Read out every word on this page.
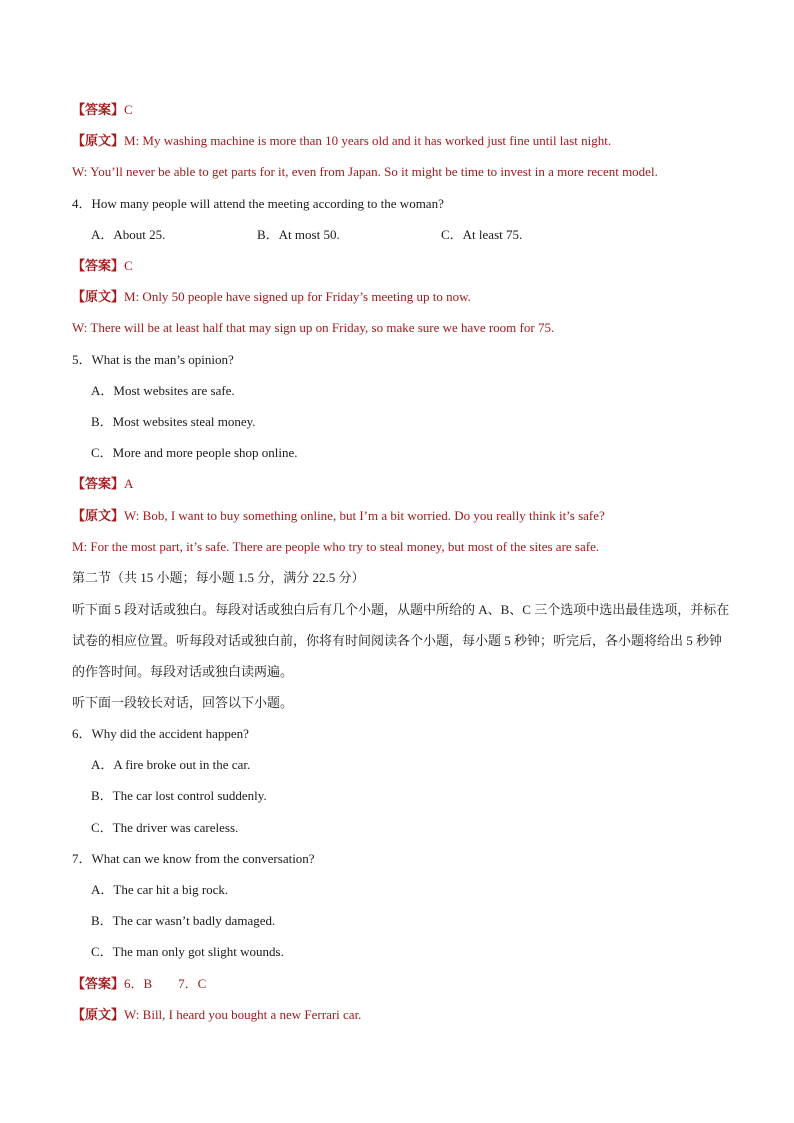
【答案】C
【原文】M: My washing machine is more than 10 years old and it has worked just fine until last night.
W: You’ll never be able to get parts for it, even from Japan. So it might be time to invest in a more recent model.
4．How many people will attend the meeting according to the woman?
A．About 25.	B．At most 50.	C．At least 75.
【答案】C
【原文】M: Only 50 people have signed up for Friday’s meeting up to now.
W: There will be at least half that may sign up on Friday, so make sure we have room for 75.
5．What is the man’s opinion?
A．Most websites are safe.
B．Most websites steal money.
C．More and more people shop online.
【答案】A
【原文】W: Bob, I want to buy something online, but I’m a bit worried. Do you really think it’s safe?
M: For the most part, it’s safe. There are people who try to steal money, but most of the sites are safe.
第二节（共 15 小题；每小题 1.5 分，满分 22.5 分）
听下面 5 段对话或独白。每段对话或独白后有几个小题，从题中所给的 A、B、C 三个选项中选出最佳选项，并标在试卷的相应位置。听每段对话或独白前，你将有时间阅读各个小题，每小题 5 秒钟；听完后，各小题将给出 5 秒钟的作答时间。每段对话或独白读两遍。
听下面一段较长对话，回答以下小题。
6．Why did the accident happen?
A．A fire broke out in the car.
B．The car lost control suddenly.
C．The driver was careless.
7．What can we know from the conversation?
A．The car hit a big rock.
B．The car wasn’t badly damaged.
C．The man only got slight wounds.
【答案】6．B　　7．C
【原文】W: Bill, I heard you bought a new Ferrari car.
